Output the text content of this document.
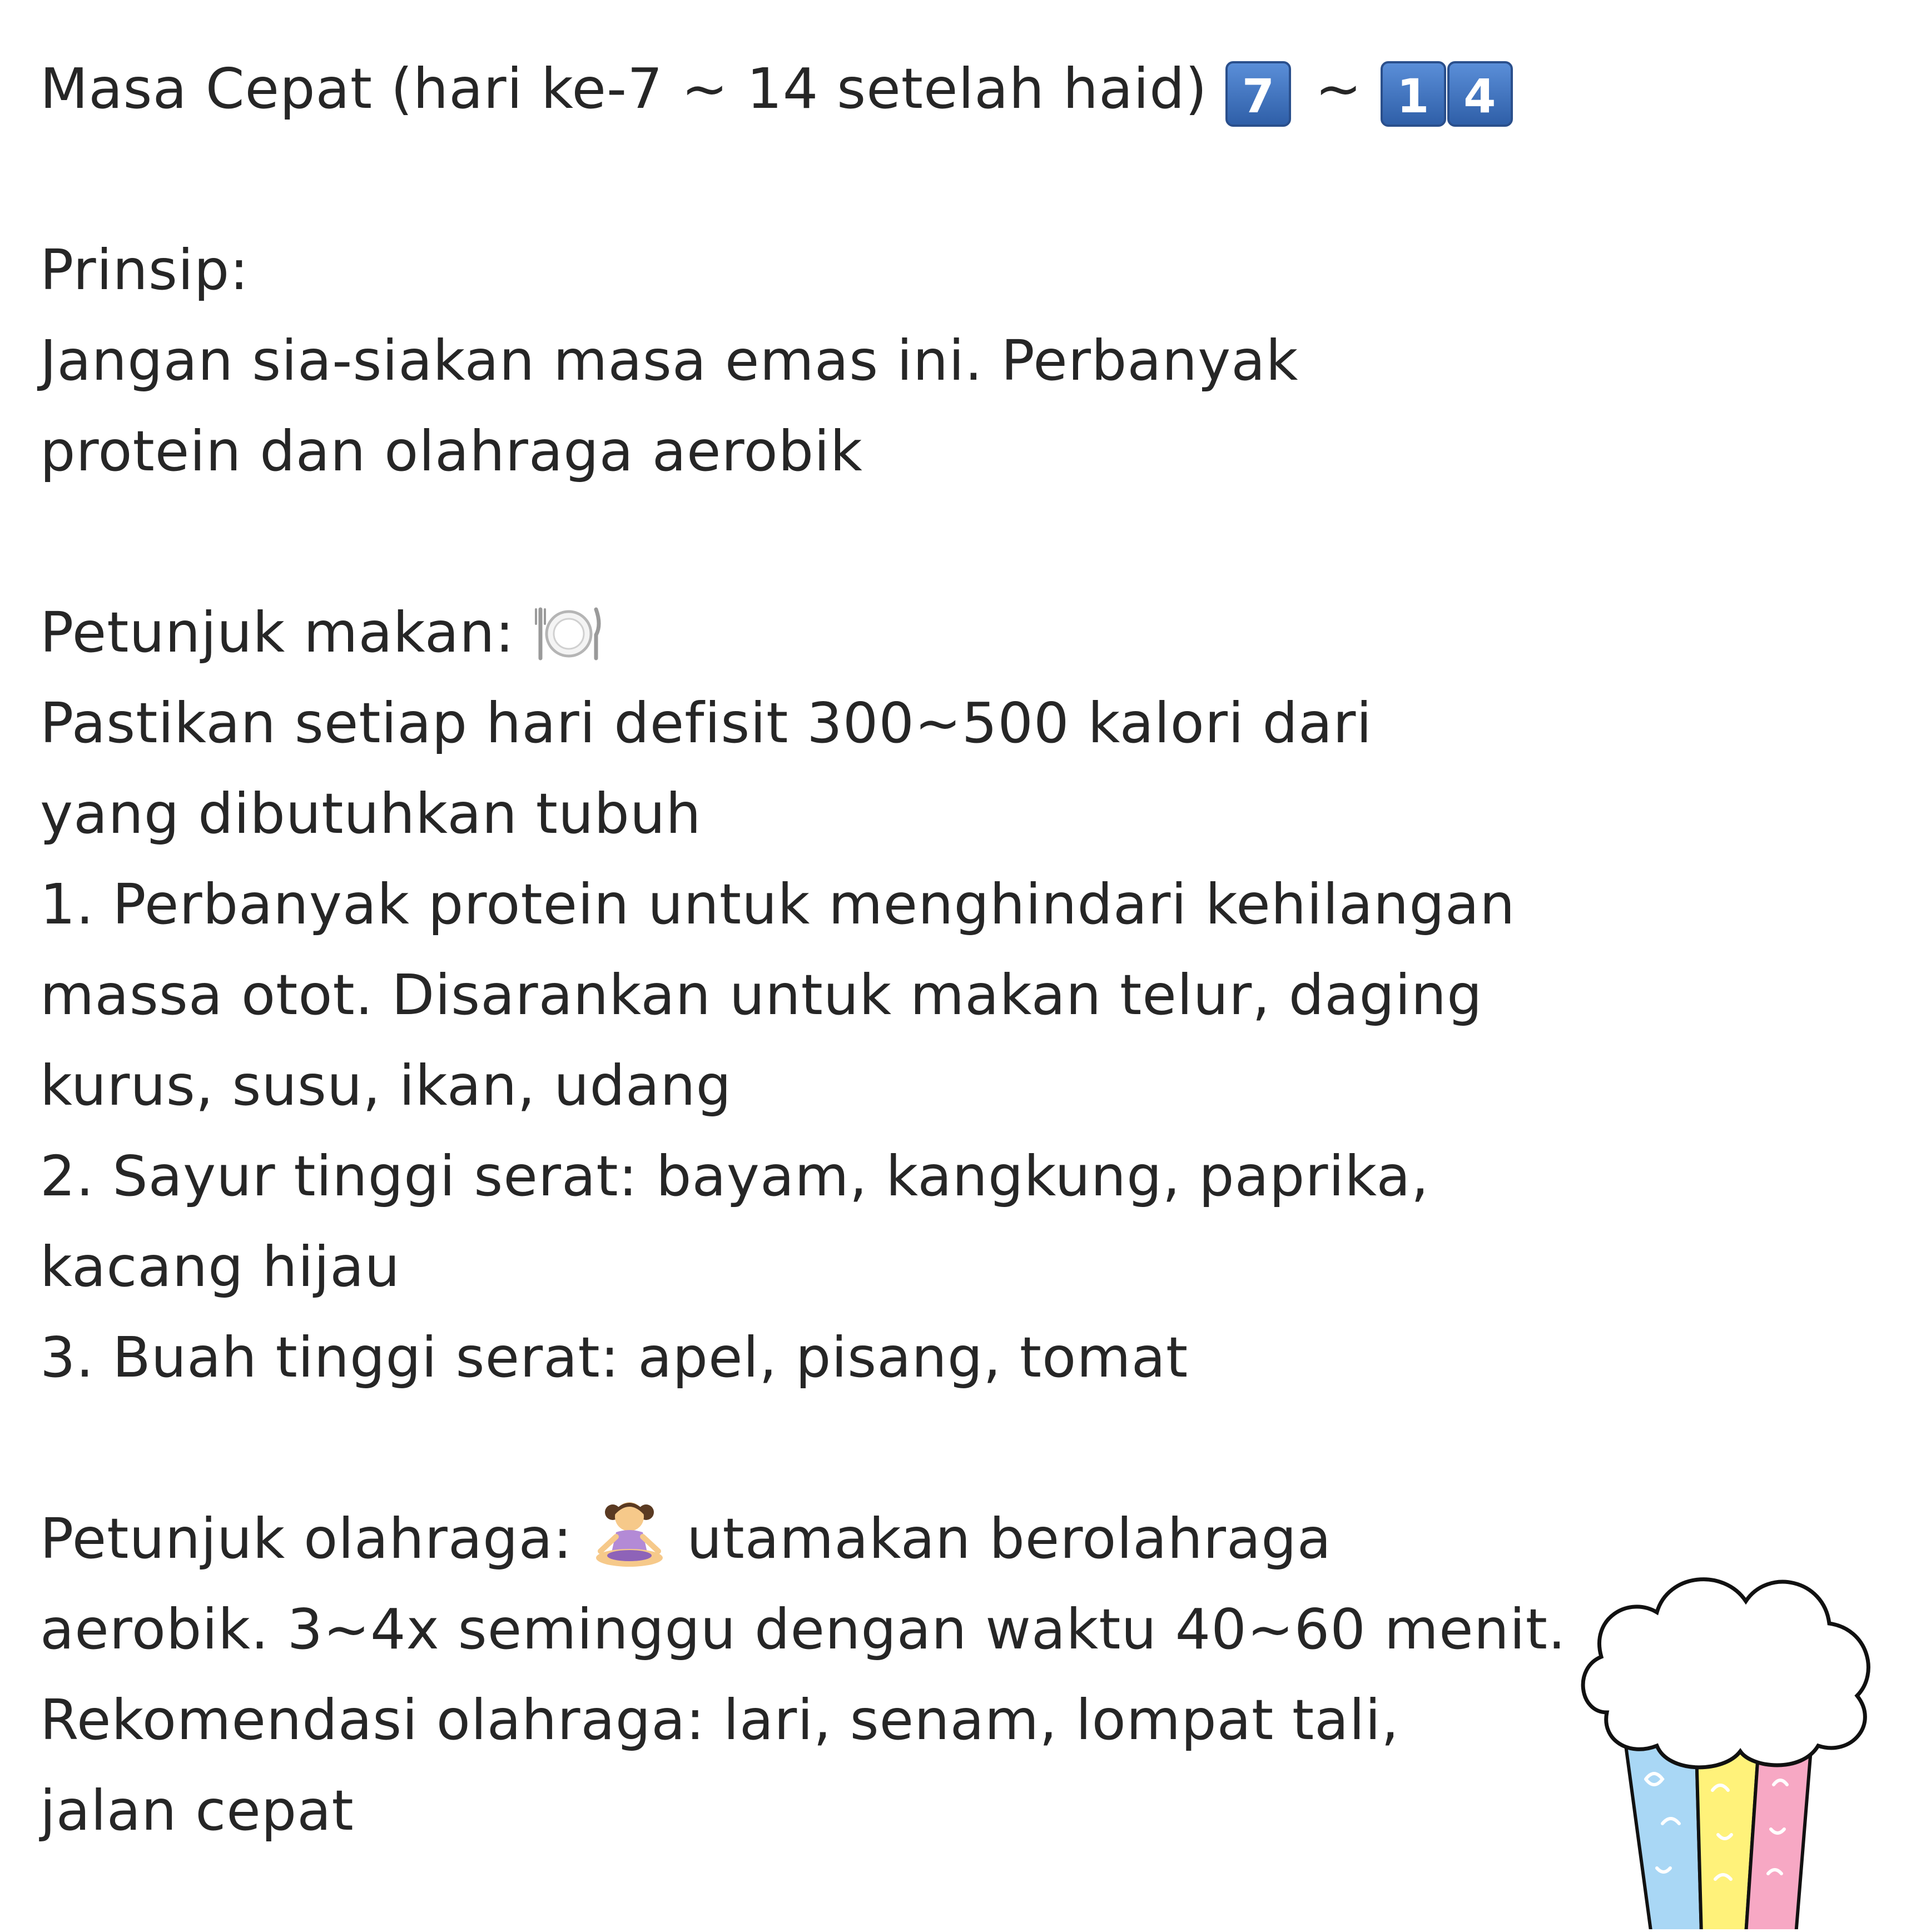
Masa Cepat (hari ke-7 ~ 14 setelah haid) 7 ~ 1 4
Prinsip:
Jangan sia-siakan masa emas ini. Perbanyak
protein dan olahraga aerobik
Petunjuk makan:
Pastikan setiap hari defisit 300~500 kalori dari
yang dibutuhkan tubuh
1. Perbanyak protein untuk menghindari kehilangan
massa otot. Disarankan untuk makan telur, daging
kurus, susu, ikan, udang
2. Sayur tinggi serat: bayam, kangkung, paprika,
kacang hijau
3. Buah tinggi serat: apel, pisang, tomat
Petunjuk olahraga: utamakan berolahraga
aerobik. 3~4x seminggu dengan waktu 40~60 menit.
Rekomendasi olahraga: lari, senam, lompat tali,
jalan cepat
